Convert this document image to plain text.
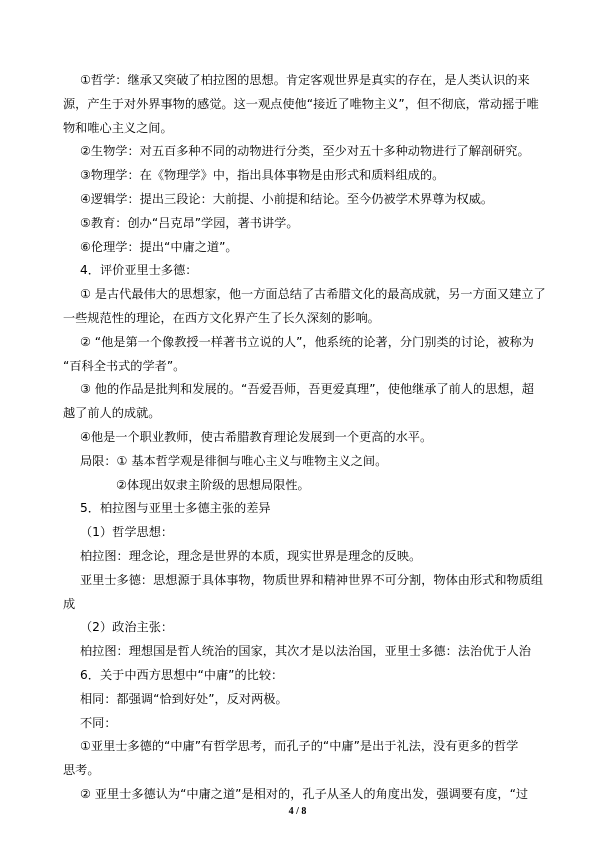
①哲学：继承又突破了柏拉图的思想。肯定客观世界是真实的存在，是人类认识的来
源，产生于对外界事物的感觉。这一观点使他“接近了唯物主义”，但不彻底，常动摇于唯
物和唯心主义之间。
②生物学：对五百多种不同的动物进行分类，至少对五十多种动物进行了解剖研究。
③物理学：在《物理学》中，指出具体事物是由形式和质料组成的。
④逻辑学：提出三段论：大前提、小前提和结论。至今仍被学术界尊为权威。
⑤教育：创办“吕克昂”学园，著书讲学。
⑥伦理学：提出“中庸之道”。
4．评价亚里士多德：
① 是古代最伟大的思想家，他一方面总结了古希腊文化的最高成就，另一方面又建立了
一些规范性的理论，在西方文化界产生了长久深刻的影响。
② “他是第一个像教授一样著书立说的人”，他系统的论著，分门别类的讨论，被称为
“百科全书式的学者”。
③ 他的作品是批判和发展的。“吾爱吾师，吾更爱真理”，使他继承了前人的思想，超
越了前人的成就。
④他是一个职业教师，使古希腊教育理论发展到一个更高的水平。
局限：① 基本哲学观是徘徊与唯心主义与唯物主义之间。
②体现出奴隶主阶级的思想局限性。
5．柏拉图与亚里士多德主张的差异
（1）哲学思想：
柏拉图：理念论，理念是世界的本质，现实世界是理念的反映。
亚里士多德：思想源于具体事物，物质世界和精神世界不可分割，物体由形式和物质组
成
（2）政治主张：
柏拉图：理想国是哲人统治的国家，其次才是以法治国，亚里士多德：法治优于人治
6．关于中西方思想中“中庸”的比较：
相同：都强调“恰到好处”，反对两极。
不同：
①亚里士多德的“中庸”有哲学思考，而孔子的“中庸”是出于礼法，没有更多的哲学
思考。
② 亚里士多德认为“中庸之道”是相对的，孔子从圣人的角度出发，强调要有度，“过
4 / 8
